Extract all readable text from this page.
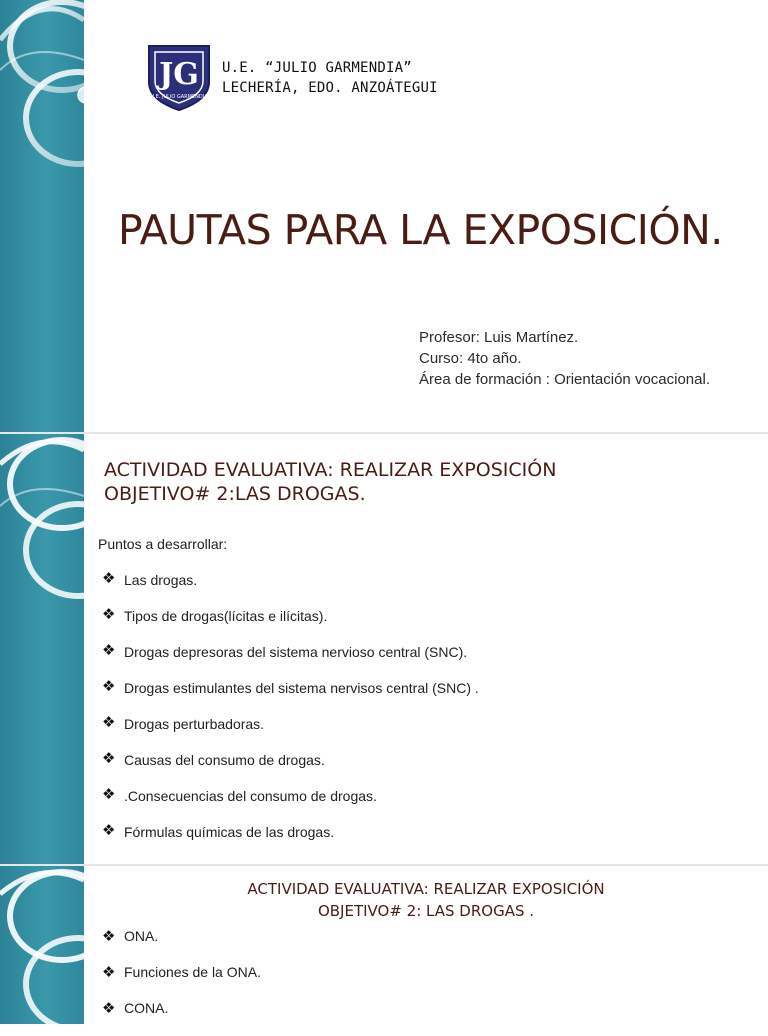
JG
U.E. JULIO GARMENDIA
U.E. “JULIO GARMENDIA”
LECHERÍA, EDO. ANZOÁTEGUI
PAUTAS PARA LA EXPOSICIÓN.
Profesor: Luis Martínez.
Curso: 4to año.
Área de formación : Orientación vocacional.
ACTIVIDAD EVALUATIVA: REALIZAR EXPOSICIÓN
OBJETIVO# 2:LAS DROGAS.
Puntos a desarrollar:
❖ Las drogas.
❖ Tipos de drogas(lícitas e ilícitas).
❖ Drogas depresoras del sistema nervioso central (SNC).
❖ Drogas estimulantes del sistema nervisos central (SNC) .
❖ Drogas perturbadoras.
❖ Causas del consumo de drogas.
❖ .Consecuencias del consumo de drogas.
❖ Fórmulas químicas de las drogas.
ACTIVIDAD EVALUATIVA: REALIZAR EXPOSICIÓN
OBJETIVO# 2: LAS DROGAS .
❖ ONA.
❖ Funciones de la ONA.
❖ CONA.
